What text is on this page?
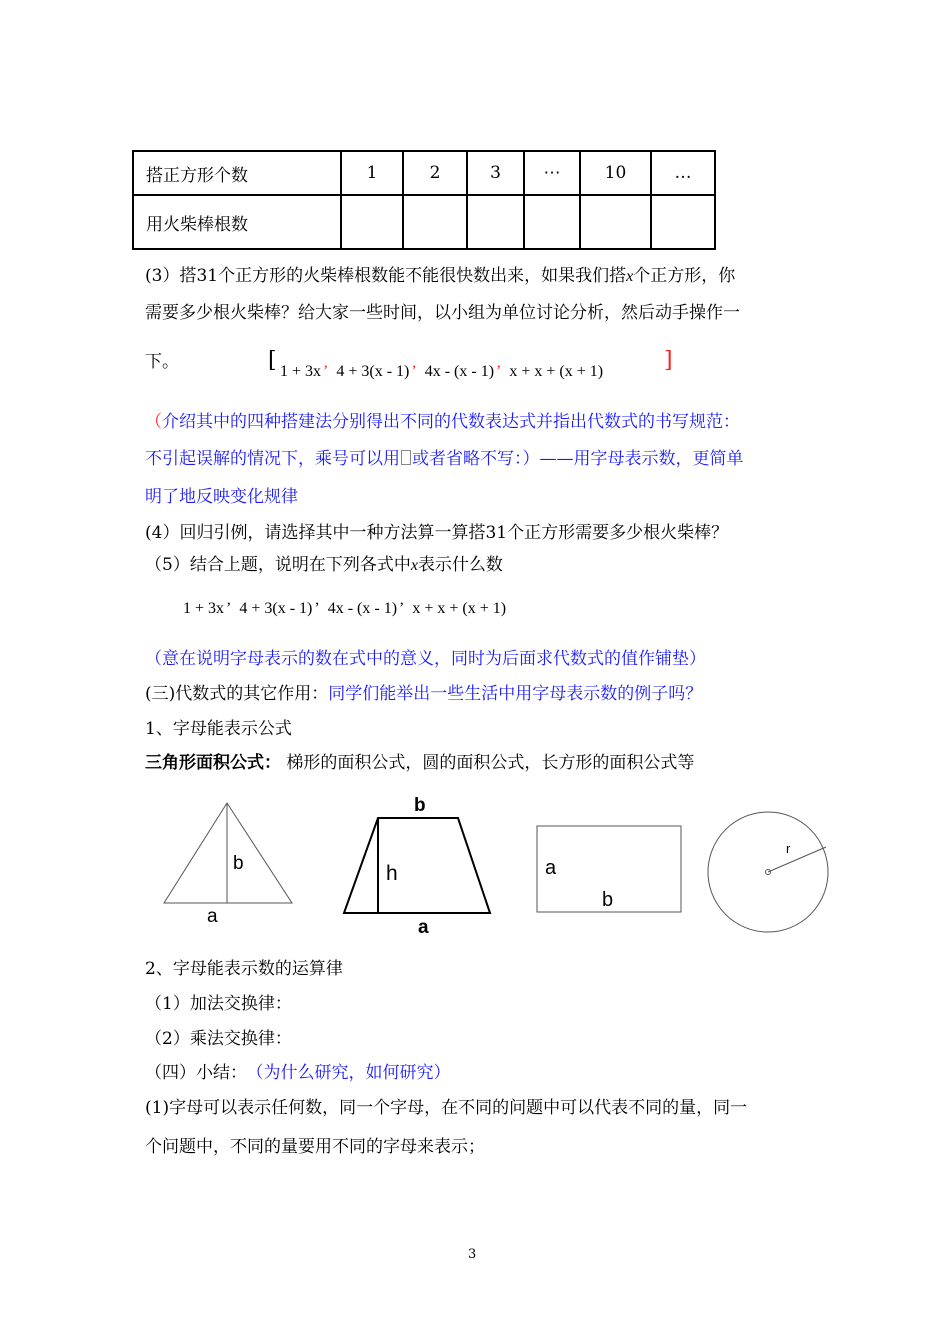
搭正方形个数	1	2	3	⋯	10	…
用火柴棒根数						
(3）搭31个正方形的火柴棒根数能不能很快数出来，如果我们搭x个正方形，你
需要多少根火柴棒？给大家一些时间，以小组为单位讨论分析，然后动手操作一
下。	[ 1 + 3x ’ 4 + 3(x - 1) ’ 4x - (x - 1) ’ x + x + (x + 1)	]
（介绍其中的四种搭建法分别得出不同的代数表达式并指出代数式的书写规范：
不引起误解的情况下，乘号可以用 或者省略不写：）——用字母表示数，更简单
明了地反映变化规律
(4）回归引例，请选择其中一种方法算一算搭31个正方形需要多少根火柴棒？
（5）结合上题，说明在下列各式中x表示什么数
1 + 3x ’ 4 + 3(x - 1) ’ 4x - (x - 1) ’ x + x + (x + 1)
（意在说明字母表示的数在式中的意义，同时为后面求代数式的值作铺垫）
(三)代数式的其它作用：同学们能举出一些生活中用字母表示数的例子吗？
1、字母能表示公式
三角形面积公式： 梯形的面积公式，圆的面积公式，长方形的面积公式等
b
a
b
h
a
a
b
r
2、字母能表示数的运算律
（1）加法交换律：
（2）乘法交换律：
（四）小结： （为什么研究，如何研究）
(1)字母可以表示任何数，同一个字母，在不同的问题中可以代表不同的量，同一
个问题中，不同的量要用不同的字母来表示；
3
